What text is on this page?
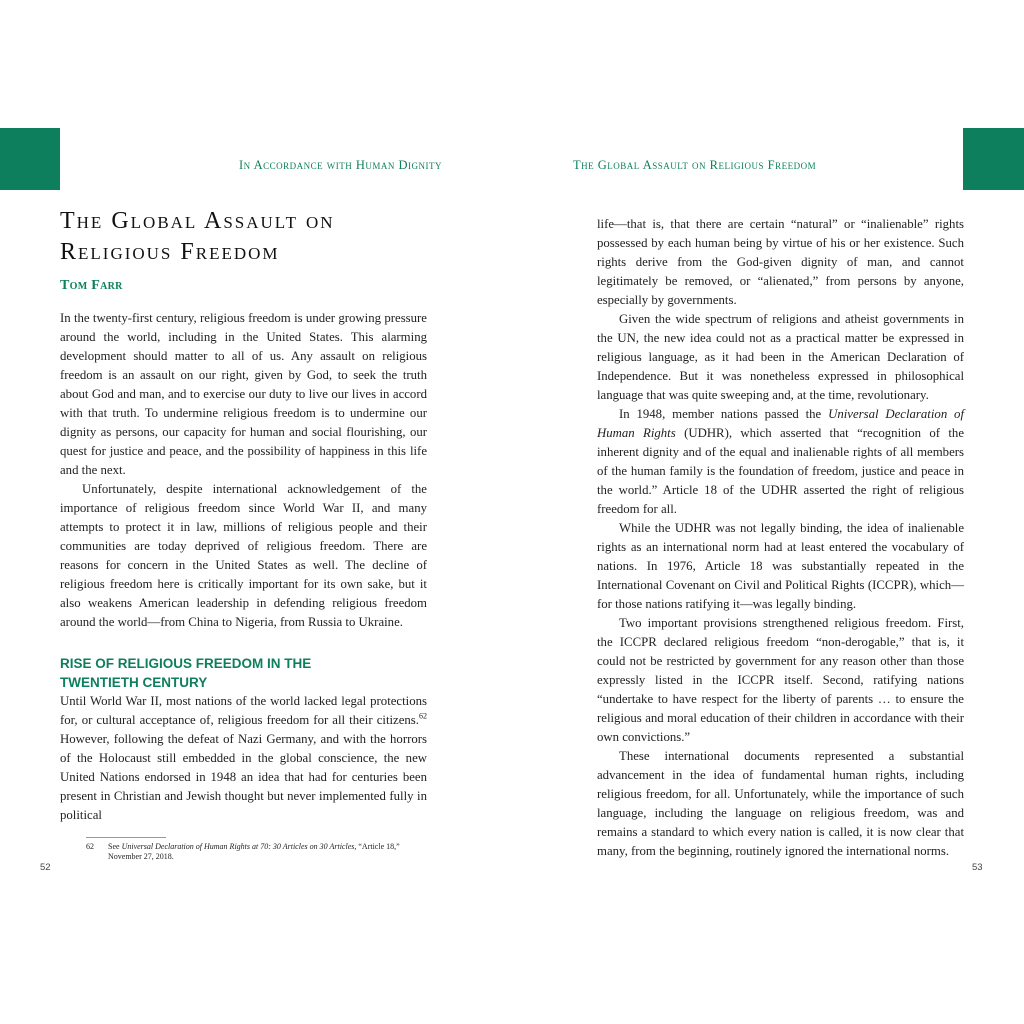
In Accordance with Human Dignity	The Global Assault on Religious Freedom
The Global Assault on
Religious Freedom
Tom Farr

In the twenty-first century, religious freedom is under growing pressure around the world, including in the United States. This alarming development should matter to all of us. Any assault on religious freedom is an assault on our right, given by God, to seek the truth about God and man, and to exercise our duty to live our lives in accord with that truth. To undermine religious freedom is to undermine our dignity as persons, our capacity for human and social flourishing, our quest for justice and peace, and the possibility of happiness in this life and the next.

Unfortunately, despite international acknowledgement of the importance of religious freedom since World War II, and many attempts to protect it in law, millions of religious people and their communities are today deprived of religious freedom. There are reasons for concern in the United States as well. The decline of religious freedom here is critically important for its own sake, but it also weakens American leadership in defending religious freedom around the world—from China to Nigeria, from Russia to Ukraine.

RISE OF RELIGIOUS FREEDOM IN THE
TWENTIETH CENTURY

Until World War II, most nations of the world lacked legal protections for, or cultural acceptance of, religious freedom for all their citizens.$^{62}$ However, following the defeat of Nazi Germany, and with the horrors of the Holocaust still embedded in the global conscience, the new United Nations endorsed in 1948 an idea that had for centuries been present in Christian and Jewish thought but never implemented fully in political

62	See Universal Declaration of Human Rights at 70: 30 Articles on 30 Articles, “Article 18,” November 27, 2018.

life—that is, that there are certain “natural” or “inalienable” rights possessed by each human being by virtue of his or her existence. Such rights derive from the God-given dignity of man, and cannot legitimately be removed, or “alienated,” from persons by anyone, especially by governments.

Given the wide spectrum of religions and atheist governments in the UN, the new idea could not as a practical matter be expressed in religious language, as it had been in the American Declaration of Independence. But it was nonetheless expressed in philosophical language that was quite sweeping and, at the time, revolutionary.

In 1948, member nations passed the Universal Declaration of Human Rights (UDHR), which asserted that “recognition of the inherent dignity and of the equal and inalienable rights of all members of the human family is the foundation of freedom, justice and peace in the world.” Article 18 of the UDHR asserted the right of religious freedom for all.

While the UDHR was not legally binding, the idea of inalienable rights as an international norm had at least entered the vocabulary of nations. In 1976, Article 18 was substantially repeated in the International Covenant on Civil and Political Rights (ICCPR), which—for those nations ratifying it—was legally binding.

Two important provisions strengthened religious freedom. First, the ICCPR declared religious freedom “non-derogable,” that is, it could not be restricted by government for any reason other than those expressly listed in the ICCPR itself. Second, ratifying nations “undertake to have respect for the liberty of parents … to ensure the religious and moral education of their children in accordance with their own convictions.”

These international documents represented a substantial advancement in the idea of fundamental human rights, including religious freedom, for all. Unfortunately, while the importance of such language, including the language on religious freedom, was and remains a standard to which every nation is called, it is now clear that many, from the beginning, routinely ignored the international norms.

52	53
